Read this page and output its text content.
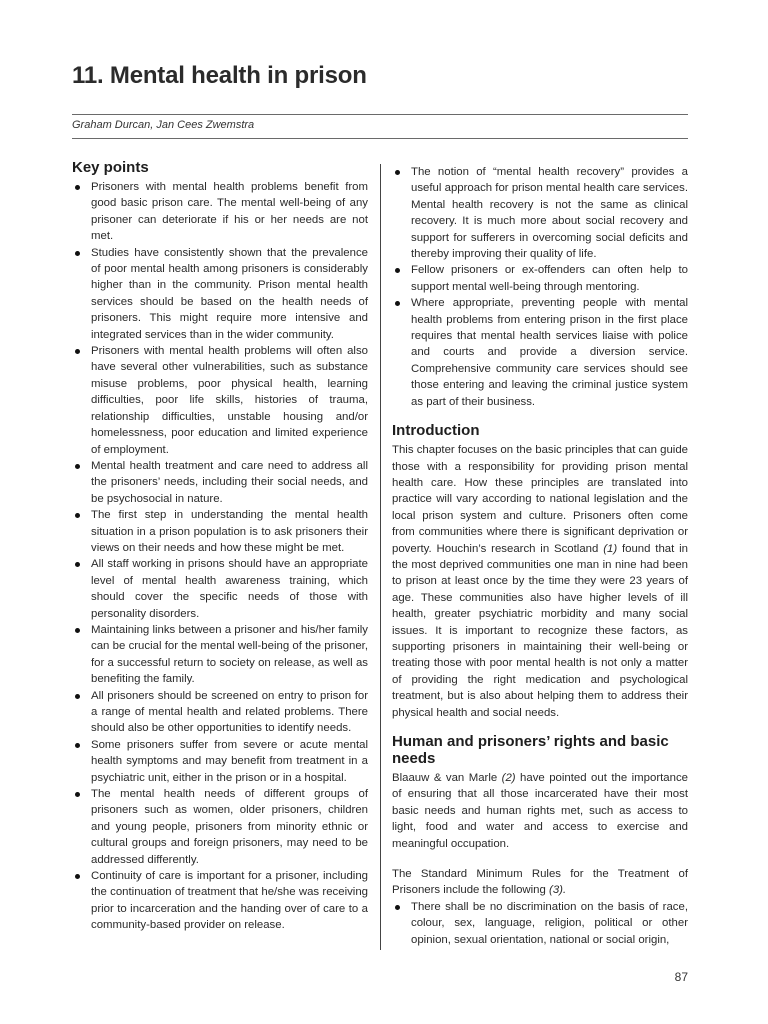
11. Mental health in prison
Graham Durcan, Jan Cees Zwemstra
Key points
Prisoners with mental health problems benefit from good basic prison care. The mental well-being of any prisoner can deteriorate if his or her needs are not met.
Studies have consistently shown that the prevalence of poor mental health among prisoners is considerably higher than in the community. Prison mental health services should be based on the health needs of prisoners. This might require more intensive and integrated services than in the wider community.
Prisoners with mental health problems will often also have several other vulnerabilities, such as substance misuse problems, poor physical health, learning difficulties, poor life skills, histories of trauma, relationship difficulties, unstable housing and/or homelessness, poor education and limited experience of employment.
Mental health treatment and care need to address all the prisoners’ needs, including their social needs, and be psychosocial in nature.
The first step in understanding the mental health situation in a prison population is to ask prisoners their views on their needs and how these might be met.
All staff working in prisons should have an appropriate level of mental health awareness training, which should cover the specific needs of those with personality disorders.
Maintaining links between a prisoner and his/her family can be crucial for the mental well-being of the prisoner, for a successful return to society on release, as well as benefiting the family.
All prisoners should be screened on entry to prison for a range of mental health and related problems. There should also be other opportunities to identify needs.
Some prisoners suffer from severe or acute mental health symptoms and may benefit from treatment in a psychiatric unit, either in the prison or in a hospital.
The mental health needs of different groups of prisoners such as women, older prisoners, children and young people, prisoners from minority ethnic or cultural groups and foreign prisoners, may need to be addressed differently.
Continuity of care is important for a prisoner, including the continuation of treatment that he/she was receiving prior to incarceration and the handing over of care to a community-based provider on release.
The notion of “mental health recovery” provides a useful approach for prison mental health care services. Mental health recovery is not the same as clinical recovery. It is much more about social recovery and support for sufferers in overcoming social deficits and thereby improving their quality of life.
Fellow prisoners or ex-offenders can often help to support mental well-being through mentoring.
Where appropriate, preventing people with mental health problems from entering prison in the first place requires that mental health services liaise with police and courts and provide a diversion service. Comprehensive community care services should see those entering and leaving the criminal justice system as part of their business.
Introduction

This chapter focuses on the basic principles that can guide those with a responsibility for providing prison mental health care. How these principles are translated into practice will vary according to national legislation and the local prison system and culture. Prisoners often come from communities where there is significant deprivation or poverty. Houchin’s research in Scotland (1) found that in the most deprived communities one man in nine had been to prison at least once by the time they were 23 years of age. These communities also have higher levels of ill health, greater psychiatric morbidity and many social issues. It is important to recognize these factors, as supporting prisoners in maintaining their well-being or treating those with poor mental health is not only a matter of providing the right medication and psychological treatment, but is also about helping them to address their physical health and social needs.

Human and prisoners’ rights and basic needs

Blaauw & van Marle (2) have pointed out the importance of ensuring that all those incarcerated have their most basic needs and human rights met, such as access to light, food and water and access to exercise and meaningful occupation.

The Standard Minimum Rules for the Treatment of Prisoners include the following (3).

There shall be no discrimination on the basis of race, colour, sex, language, religion, political or other opinion, sexual orientation, national or social origin,
87
